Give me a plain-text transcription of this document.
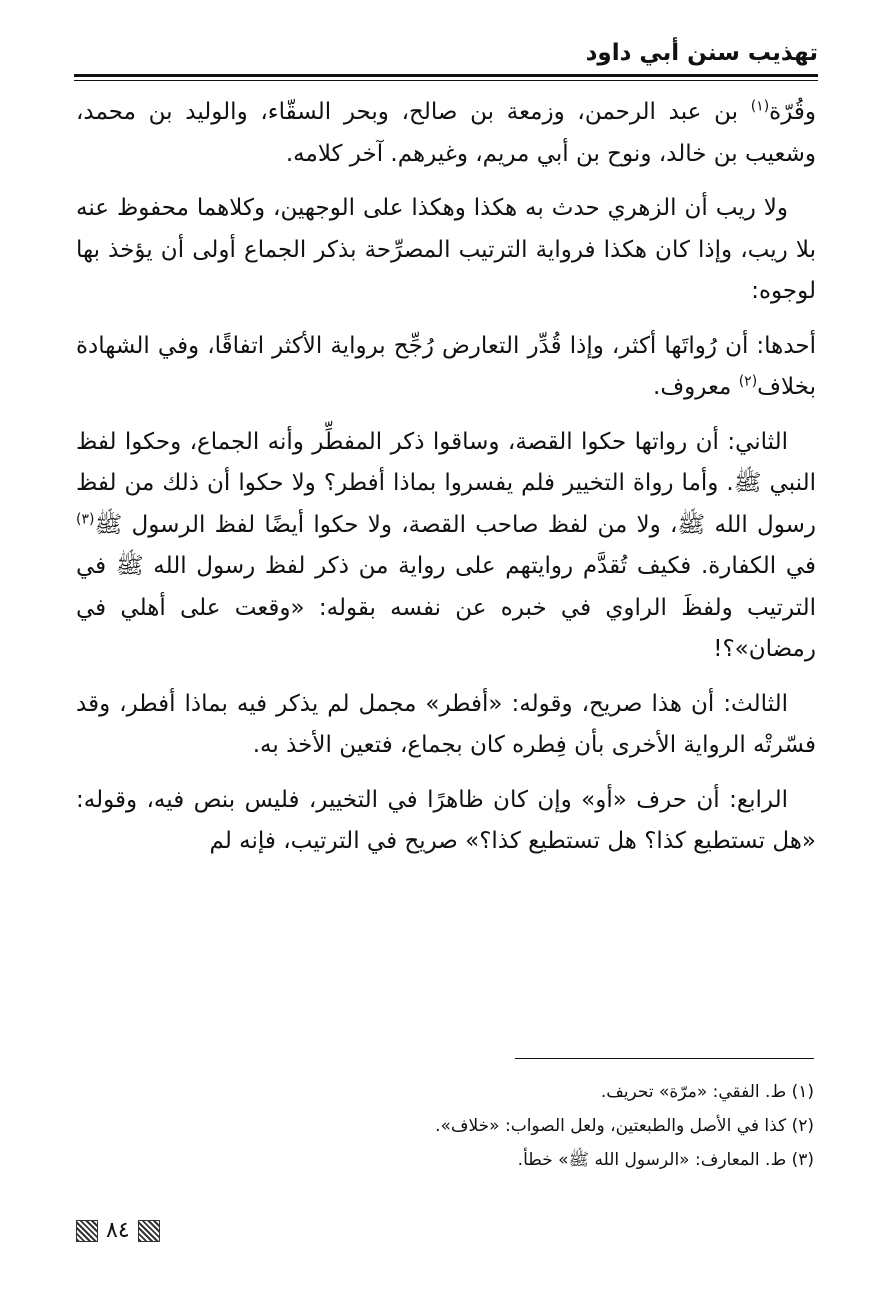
تهذيب سنن أبي داود

وقُرّة$^{(١)}$ بن عبد الرحمن، وزمعة بن صالح، وبحر السقّاء، والوليد بن محمد، وشعيب بن خالد، ونوح بن أبي مريم، وغيرهم. آخر كلامه.

ولا ريب أن الزهري حدث به هكذا وهكذا على الوجهين، وكلاهما محفوظ عنه بلا ريب، وإذا كان هكذا فرواية الترتيب المصرِّحة بذكر الجماع أولى أن يؤخذ بها لوجوه:

أحدها: أن رُواتَها أكثر، وإذا قُدِّر التعارض رُجِّح برواية الأكثر اتفاقًا، وفي الشهادة بخلاف$^{(٢)}$ معروف.

الثاني: أن رواتها حكوا القصة، وساقوا ذكر المفطِّر وأنه الجماع، وحكوا لفظ النبي ﷺ. وأما رواة التخيير فلم يفسروا بماذا أفطر؟ ولا حكوا أن ذلك من لفظ رسول الله ﷺ، ولا من لفظ صاحب القصة، ولا حكوا أيضًا لفظ الرسول ﷺ$^{(٣)}$ في الكفارة. فكيف تُقدَّم روايتهم على رواية من ذكر لفظ رسول الله ﷺ في الترتيب ولفظَ الراوي في خبره عن نفسه بقوله: «وقعت على أهلي في رمضان»؟!

الثالث: أن هذا صريح، وقوله: «أفطر» مجمل لم يذكر فيه بماذا أفطر، وقد فسّرتْه الرواية الأخرى بأن فِطره كان بجماع، فتعين الأخذ به.

الرابع: أن حرف «أو» وإن كان ظاهرًا في التخيير، فليس بنص فيه، وقوله: «هل تستطيع كذا؟ هل تستطيع كذا؟» صريح في الترتيب، فإنه لم

(١) ط. الفقي: «مرّة» تحريف.
(٢) كذا في الأصل والطبعتين، ولعل الصواب: «خلاف».
(٣) ط. المعارف: «الرسول الله ﷺ» خطأ.
٨٤
